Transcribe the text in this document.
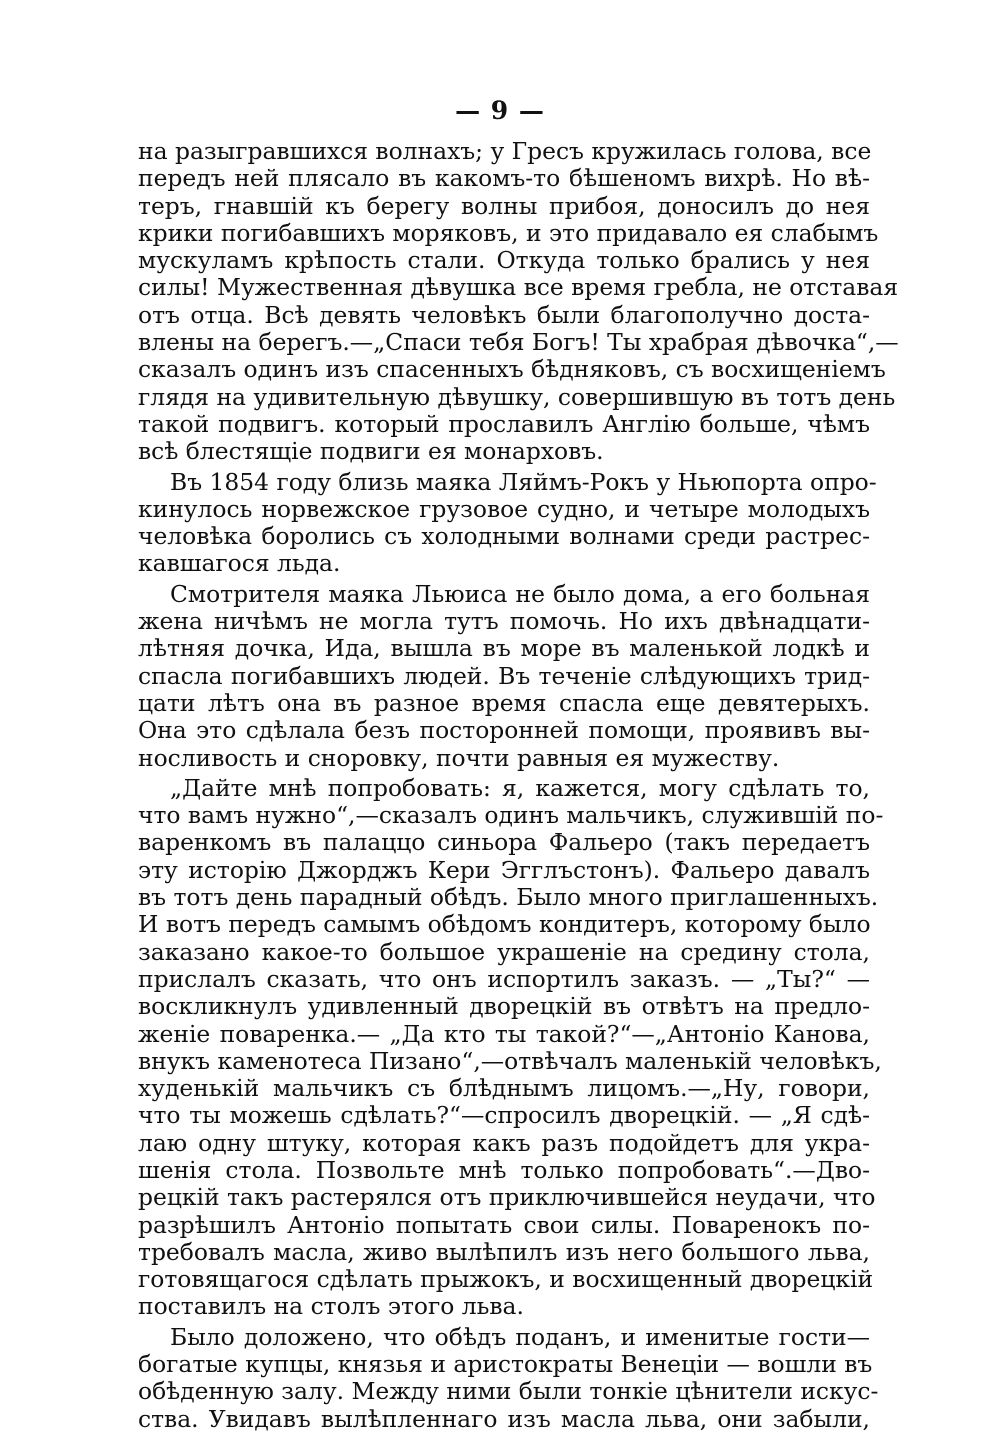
— 9 —
на разыгравшихся волнахъ; у Гресъ кружилась голова, все
передъ ней плясало въ какомъ-то бѣшеномъ вихрѣ. Но вѣ-
теръ, гнавшій къ берегу волны прибоя, доносилъ до нея
крики погибавшихъ моряковъ, и это придавало ея слабымъ
мускуламъ крѣпость стали. Откуда только брались у нея
силы! Мужественная дѣвушка все время гребла, не отставая
отъ отца. Всѣ девять человѣкъ были благополучно доста-
влены на берегъ.—„Спаси тебя Богъ! Ты храбрая дѣвочка“,—
сказалъ одинъ изъ спасенныхъ бѣдняковъ, съ восхищеніемъ
глядя на удивительную дѣвушку, совершившую въ тотъ день
такой подвигъ. который прославилъ Англію больше, чѣмъ
всѣ блестящіе подвиги ея монарховъ.
Въ 1854 году близь маяка Ляймъ-Рокъ у Ньюпорта опро-
кинулось норвежское грузовое судно, и четыре молодыхъ
человѣка боролись съ холодными волнами среди растрес-
кавшагося льда.
Смотрителя маяка Льюиса не было дома, а его больная
жена ничѣмъ не могла тутъ помочь. Но ихъ двѣнадцати-
лѣтняя дочка, Ида, вышла въ море въ маленькой лодкѣ и
спасла погибавшихъ людей. Въ теченіе слѣдующихъ трид-
цати лѣтъ она въ разное время спасла еще девятерыхъ.
Она это сдѣлала безъ посторонней помощи, проявивъ вы-
носливость и сноровку, почти равныя ея мужеству.
„Дайте мнѣ попробовать: я, кажется, могу сдѣлать то,
что вамъ нужно“,—сказалъ одинъ мальчикъ, служившій по-
варенкомъ въ палаццо синьора Фальеро (такъ передаетъ
эту исторію Джорджъ Кери Эгглъстонъ). Фальеро давалъ
въ тотъ день парадный обѣдъ. Было много приглашенныхъ.
И вотъ передъ самымъ обѣдомъ кондитеръ, которому было
заказано какое-то большое украшеніе на средину стола,
прислалъ сказать, что онъ испортилъ заказъ. — „Ты?“ —
воскликнулъ удивленный дворецкій въ отвѣтъ на предло-
женіе поваренка.— „Да кто ты такой?“—„Антоніо Канова,
внукъ каменотеса Пизано“,—отвѣчалъ маленькій человѣкъ,
худенькій мальчикъ съ блѣднымъ лицомъ.—„Ну, говори,
что ты можешь сдѣлать?“—спросилъ дворецкій. — „Я сдѣ-
лаю одну штуку, которая какъ разъ подойдетъ для укра-
шенія стола. Позвольте мнѣ только попробовать“.—Дво-
рецкій такъ растерялся отъ приключившейся неудачи, что
разрѣшилъ Антоніо попытать свои силы. Поваренокъ по-
требовалъ масла, живо вылѣпилъ изъ него большого льва,
готовящагося сдѣлать прыжокъ, и восхищенный дворецкій
поставилъ на столъ этого льва.
Было доложено, что обѣдъ поданъ, и именитые гости—
богатые купцы, князья и аристократы Венеціи — вошли въ
обѣденную залу. Между ними были тонкіе цѣнители искус-
ства. Увидавъ вылѣпленнаго изъ масла льва, они забыли,
